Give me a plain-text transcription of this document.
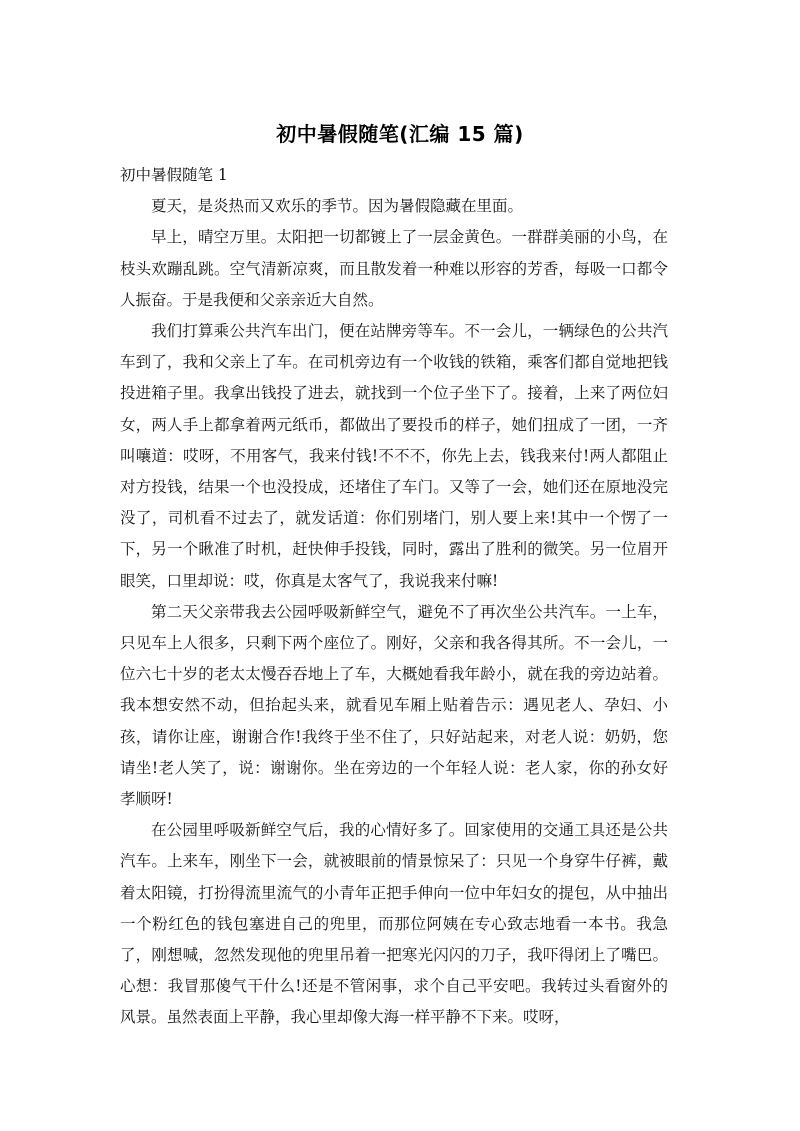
初中暑假随笔(汇编 15 篇)

初中暑假随笔 1

夏天，是炎热而又欢乐的季节。因为暑假隐藏在里面。

早上，晴空万里。太阳把一切都镀上了一层金黄色。一群群美丽的小鸟，在枝头欢蹦乱跳。空气清新凉爽，而且散发着一种难以形容的芳香，每吸一口都令人振奋。于是我便和父亲亲近大自然。

我们打算乘公共汽车出门，便在站牌旁等车。不一会儿，一辆绿色的公共汽车到了，我和父亲上了车。在司机旁边有一个收钱的铁箱，乘客们都自觉地把钱投进箱子里。我拿出钱投了进去，就找到一个位子坐下了。接着，上来了两位妇女，两人手上都拿着两元纸币，都做出了要投币的样子，她们扭成了一团，一齐叫嚷道：哎呀，不用客气，我来付钱!不不不，你先上去，钱我来付!两人都阻止对方投钱，结果一个也没投成，还堵住了车门。又等了一会，她们还在原地没完没了，司机看不过去了，就发话道：你们别堵门，别人要上来!其中一个愣了一下，另一个瞅准了时机，赶快伸手投钱，同时，露出了胜利的微笑。另一位眉开眼笑，口里却说：哎，你真是太客气了，我说我来付嘛!

第二天父亲带我去公园呼吸新鲜空气，避免不了再次坐公共汽车。一上车，只见车上人很多，只剩下两个座位了。刚好，父亲和我各得其所。不一会儿，一位六七十岁的老太太慢吞吞地上了车，大概她看我年龄小，就在我的旁边站着。我本想安然不动，但抬起头来，就看见车厢上贴着告示：遇见老人、孕妇、小孩，请你让座，谢谢合作!我终于坐不住了，只好站起来，对老人说：奶奶，您请坐!老人笑了，说：谢谢你。坐在旁边的一个年轻人说：老人家，你的孙女好孝顺呀!

在公园里呼吸新鲜空气后，我的心情好多了。回家使用的交通工具还是公共汽车。上来车，刚坐下一会，就被眼前的情景惊呆了：只见一个身穿牛仔裤，戴着太阳镜，打扮得流里流气的小青年正把手伸向一位中年妇女的提包，从中抽出一个粉红色的钱包塞进自己的兜里，而那位阿姨在专心致志地看一本书。我急了，刚想喊，忽然发现他的兜里吊着一把寒光闪闪的刀子，我吓得闭上了嘴巴。心想：我冒那傻气干什么!还是不管闲事，求个自己平安吧。我转过头看窗外的风景。虽然表面上平静，我心里却像大海一样平静不下来。哎呀，
